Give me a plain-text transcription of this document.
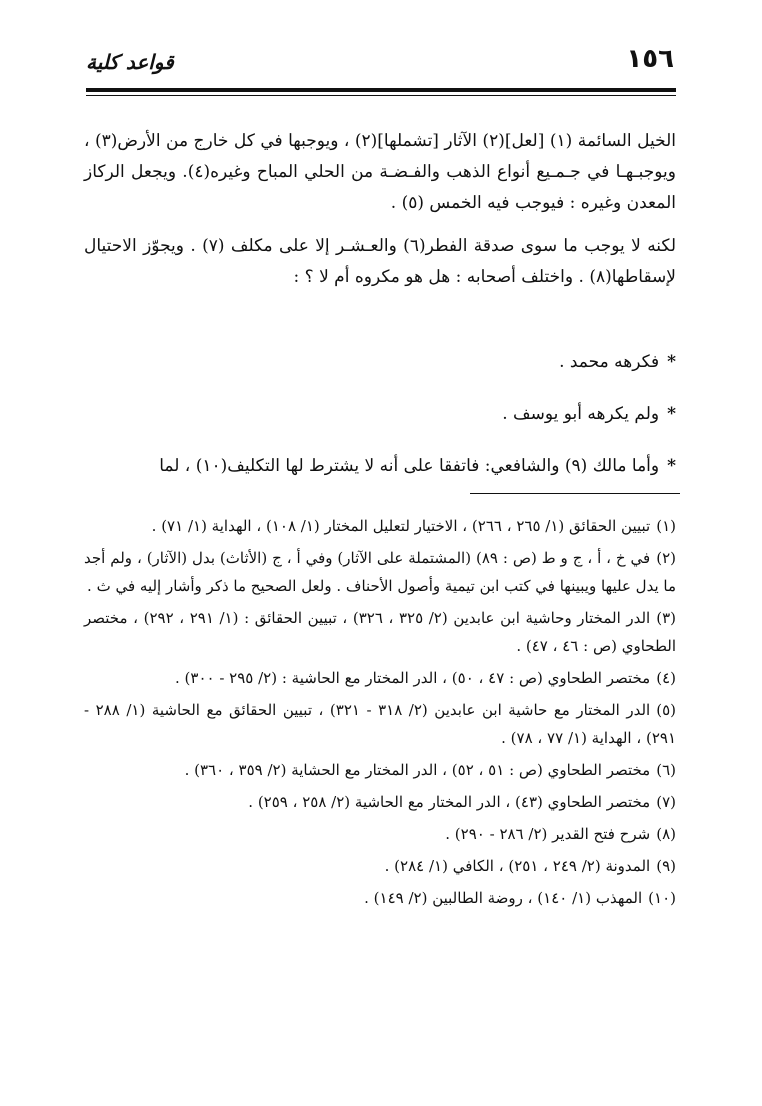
قواعد كلية	١٥٦

الخيل السائمة (١) [لعل](٢) الآثار [تشملها](٢) ، ويوجبها في كل خارج من الأرض(٣) ، ويوجبـهـا في جـمـيع أنواع الذهب والفـضـة من الحلي المباح وغيره(٤). ويجعل الركاز المعدن وغيره : فيوجب فيه الخمس (٥) .

لكنه لا يوجب ما سوى صدقة الفطر(٦) والعـشـر إلا على مكلف (٧) . ويجوّز الاحتيال لإسقاطها(٨) . واختلف أصحابه : هل هو مكروه أم لا ؟ :

*فكرهه محمد .
*ولم يكرهه أبو يوسف .
*وأما مالك (٩) والشافعي: فاتفقا على أنه لا يشترط لها التكليف(١٠) ، لما

(١)تبيين الحقائق (١/ ٢٦٥ ، ٢٦٦) ، الاختيار لتعليل المختار (١/ ١٠٨) ، الهداية (١/ ٧١) .

(٢)في خ ، أ ، ج و ط (ص : ٨٩) (المشتملة على الآثار) وفي أ ، ج (الأثاث) بدل (الآثار) ، ولم أجد ما يدل عليها ويبينها في كتب ابن تيمية وأصول الأحناف . ولعل الصحيح ما ذكر وأشار إليه في ث .

(٣)الدر المختار وحاشية ابن عابدين (٢/ ٣٢٥ ، ٣٢٦) ، تبيين الحقائق : (١/ ٢٩١ ، ٢٩٢) ، مختصر الطحاوي (ص : ٤٦ ، ٤٧) .

(٤)مختصر الطحاوي (ص : ٤٧ ، ٥٠) ، الدر المختار مع الحاشية : (٢/ ٢٩٥ - ٣٠٠) .

(٥)الدر المختار مع حاشية ابن عابدين (٢/ ٣١٨ - ٣٢١) ، تبيين الحقائق مع الحاشية (١/ ٢٨٨ - ٢٩١) ، الهداية (١/ ٧٧ ، ٧٨) .

(٦)مختصر الطحاوي (ص : ٥١ ، ٥٢) ، الدر المختار مع الحشاية (٢/ ٣٥٩ ، ٣٦٠) .

(٧)مختصر الطحاوي (٤٣) ، الدر المختار مع الحاشية (٢/ ٢٥٨ ، ٢٥٩) .

(٨)شرح فتح القدير (٢/ ٢٨٦ - ٢٩٠) .

(٩)المدونة (٢/ ٢٤٩ ، ٢٥١) ، الكافي (١/ ٢٨٤) .

(١٠)المهذب (١/ ١٤٠) ، روضة الطالبين (٢/ ١٤٩) .
